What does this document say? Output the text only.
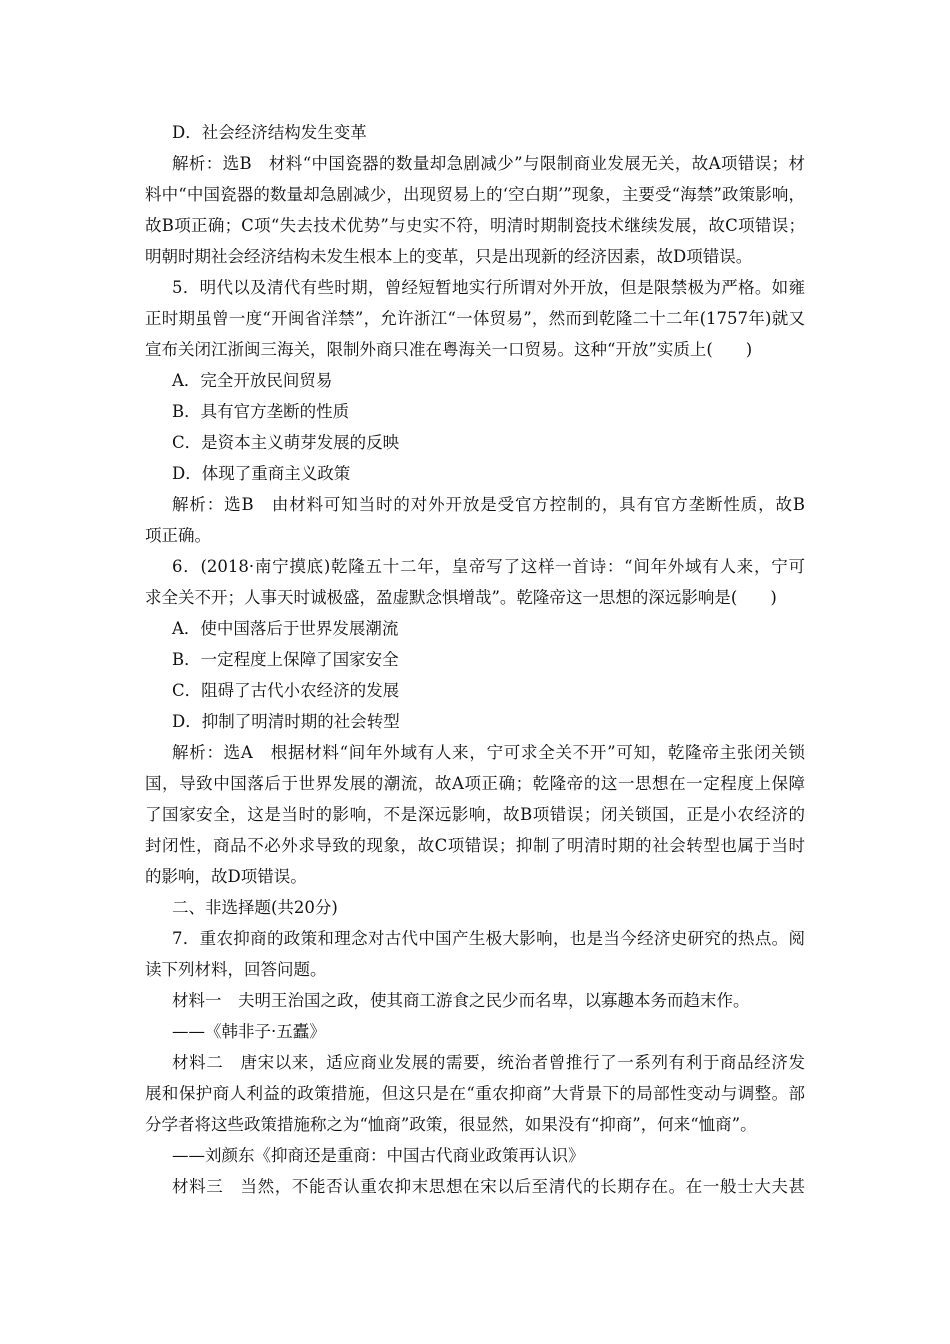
D．社会经济结构发生变革
解析：选B　材料“中国瓷器的数量却急剧减少”与限制商业发展无关，故A项错误；材
料中“中国瓷器的数量却急剧减少，出现贸易上的‘空白期’”现象，主要受“海禁”政策影响，
故B项正确；C项“失去技术优势”与史实不符，明清时期制瓷技术继续发展，故C项错误；
明朝时期社会经济结构未发生根本上的变革，只是出现新的经济因素，故D项错误。
5．明代以及清代有些时期，曾经短暂地实行所谓对外开放，但是限禁极为严格。如雍
正时期虽曾一度“开闽省洋禁”，允许浙江“一体贸易”，然而到乾隆二十二年(1757年)就又
宣布关闭江浙闽三海关，限制外商只准在粤海关一口贸易。这种“开放”实质上(　　)
A．完全开放民间贸易
B．具有官方垄断的性质
C．是资本主义萌芽发展的反映
D．体现了重商主义政策
解析：选B　由材料可知当时的对外开放是受官方控制的，具有官方垄断性质，故B
项正确。
6．(2018·南宁摸底)乾隆五十二年，皇帝写了这样一首诗：“间年外域有人来，宁可
求全关不开；人事天时诚极盛，盈虚默念惧增哉”。乾隆帝这一思想的深远影响是(　　)
A．使中国落后于世界发展潮流
B．一定程度上保障了国家安全
C．阻碍了古代小农经济的发展
D．抑制了明清时期的社会转型
解析：选A　根据材料“间年外域有人来，宁可求全关不开”可知，乾隆帝主张闭关锁
国，导致中国落后于世界发展的潮流，故A项正确；乾隆帝的这一思想在一定程度上保障
了国家安全，这是当时的影响，不是深远影响，故B项错误；闭关锁国，正是小农经济的
封闭性，商品不必外求导致的现象，故C项错误；抑制了明清时期的社会转型也属于当时
的影响，故D项错误。
二、非选择题(共20分)
7．重农抑商的政策和理念对古代中国产生极大影响，也是当今经济史研究的热点。阅
读下列材料，回答问题。
材料一　夫明王治国之政，使其商工游食之民少而名卑，以寡趣本务而趋末作。
——《韩非子·五蠹》
材料二　唐宋以来，适应商业发展的需要，统治者曾推行了一系列有利于商品经济发
展和保护商人利益的政策措施，但这只是在“重农抑商”大背景下的局部性变动与调整。部
分学者将这些政策措施称之为“恤商”政策，很显然，如果没有“抑商”，何来“恤商”。
——刘颜东《抑商还是重商：中国古代商业政策再认识》
材料三　当然，不能否认重农抑末思想在宋以后至清代的长期存在。在一般士大夫甚
